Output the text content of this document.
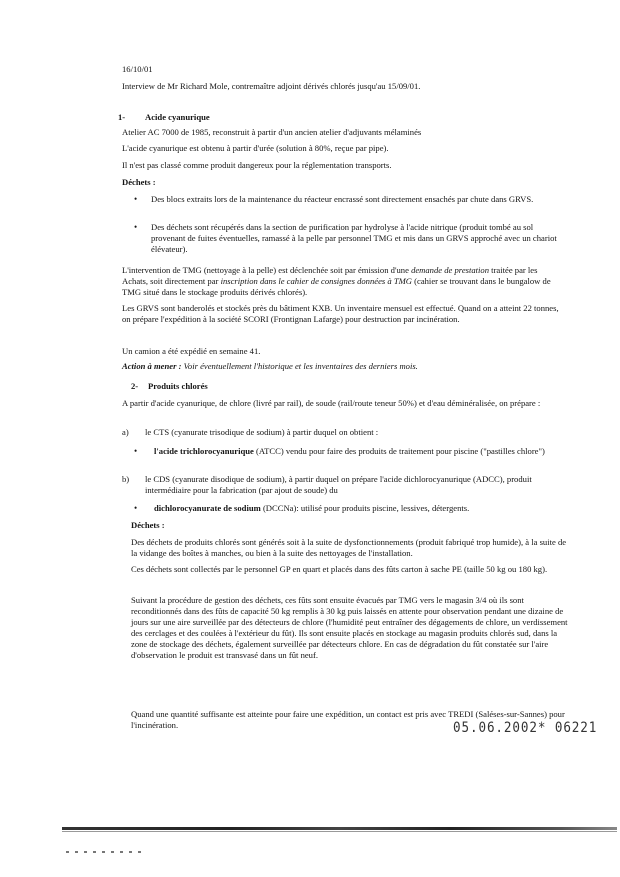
16/10/01
Interview de Mr Richard Mole, contremaître adjoint dérivés chlorés jusqu'au 15/09/01.
1- Acide cyanurique
Atelier AC 7000 de 1985, reconstruit à partir d'un ancien atelier d'adjuvants mélaminés
L'acide cyanurique est obtenu à partir d'urée (solution à 80%, reçue par pipe).
Il n'est pas classé comme produit dangereux pour la réglementation transports.
Déchets :
• Des blocs extraits lors de la maintenance du réacteur encrassé sont directement ensachés par chute dans GRVS.
• Des déchets sont récupérés dans la section de purification par hydrolyse à l'acide nitrique (produit tombé au sol provenant de fuites éventuelles, ramassé à la pelle par personnel TMG et mis dans un GRVS approché avec un chariot élévateur).
L'intervention de TMG (nettoyage à la pelle) est déclenchée soit par émission d'une demande de prestation traitée par les Achats, soit directement par inscription dans le cahier de consignes données à TMG (cahier se trouvant dans le bungalow de TMG situé dans le stockage produits dérivés chlorés).
Les GRVS sont banderolés et stockés près du bâtiment KXB. Un inventaire mensuel est effectué. Quand on a atteint 22 tonnes, on prépare l'expédition à la société SCORI (Frontignan Lafarge) pour destruction par incinération.
Un camion a été expédié en semaine 41.
Action à mener : Voir éventuellement l'historique et les inventaires des derniers mois.
2- Produits chlorés
A partir d'acide cyanurique, de chlore (livré par rail), de soude (rail/route teneur 50%) et d'eau déminéralisée, on prépare :
a) le CTS (cyanurate trisodique de sodium) à partir duquel on obtient :
• l'acide trichlorocyanurique (ATCC) vendu pour faire des produits de traitement pour piscine ("pastilles chlore")
b) le CDS (cyanurate disodique de sodium), à partir duquel on prépare l'acide dichlorocyanurique (ADCC), produit intermédiaire pour la fabrication (par ajout de soude) du
• dichlorocyanurate de sodium (DCCNa): utilisé pour produits piscine, lessives, détergents.
Déchets :
Des déchets de produits chlorés sont générés soit à la suite de dysfonctionnements (produit fabriqué trop humide), à la suite de la vidange des boîtes à manches, ou bien à la suite des nettoyages de l'installation.
Ces déchets sont collectés par le personnel GP en quart et placés dans des fûts carton à sache PE (taille 50 kg ou 180 kg).
Suivant la procédure de gestion des déchets, ces fûts sont ensuite évacués par TMG vers le magasin 3/4 où ils sont reconditionnés dans des fûts de capacité 50 kg remplis à 30 kg puis laissés en attente pour observation pendant une dizaine de jours sur une aire surveillée par des détecteurs de chlore (l'humidité peut entraîner des dégagements de chlore, un verdissement des cerclages et des coulées à l'extérieur du fût). Ils sont ensuite placés en stockage au magasin produits chlorés sud, dans la zone de stockage des déchets, également surveillée par détecteurs chlore. En cas de dégradation du fût constatée sur l'aire d'observation le produit est transvasé dans un fût neuf.
Quand une quantité suffisante est atteinte pour faire une expédition, un contact est pris avec TREDI (Saléses-sur-Sannes) pour l'incinération.	05.06.2002* 06221
